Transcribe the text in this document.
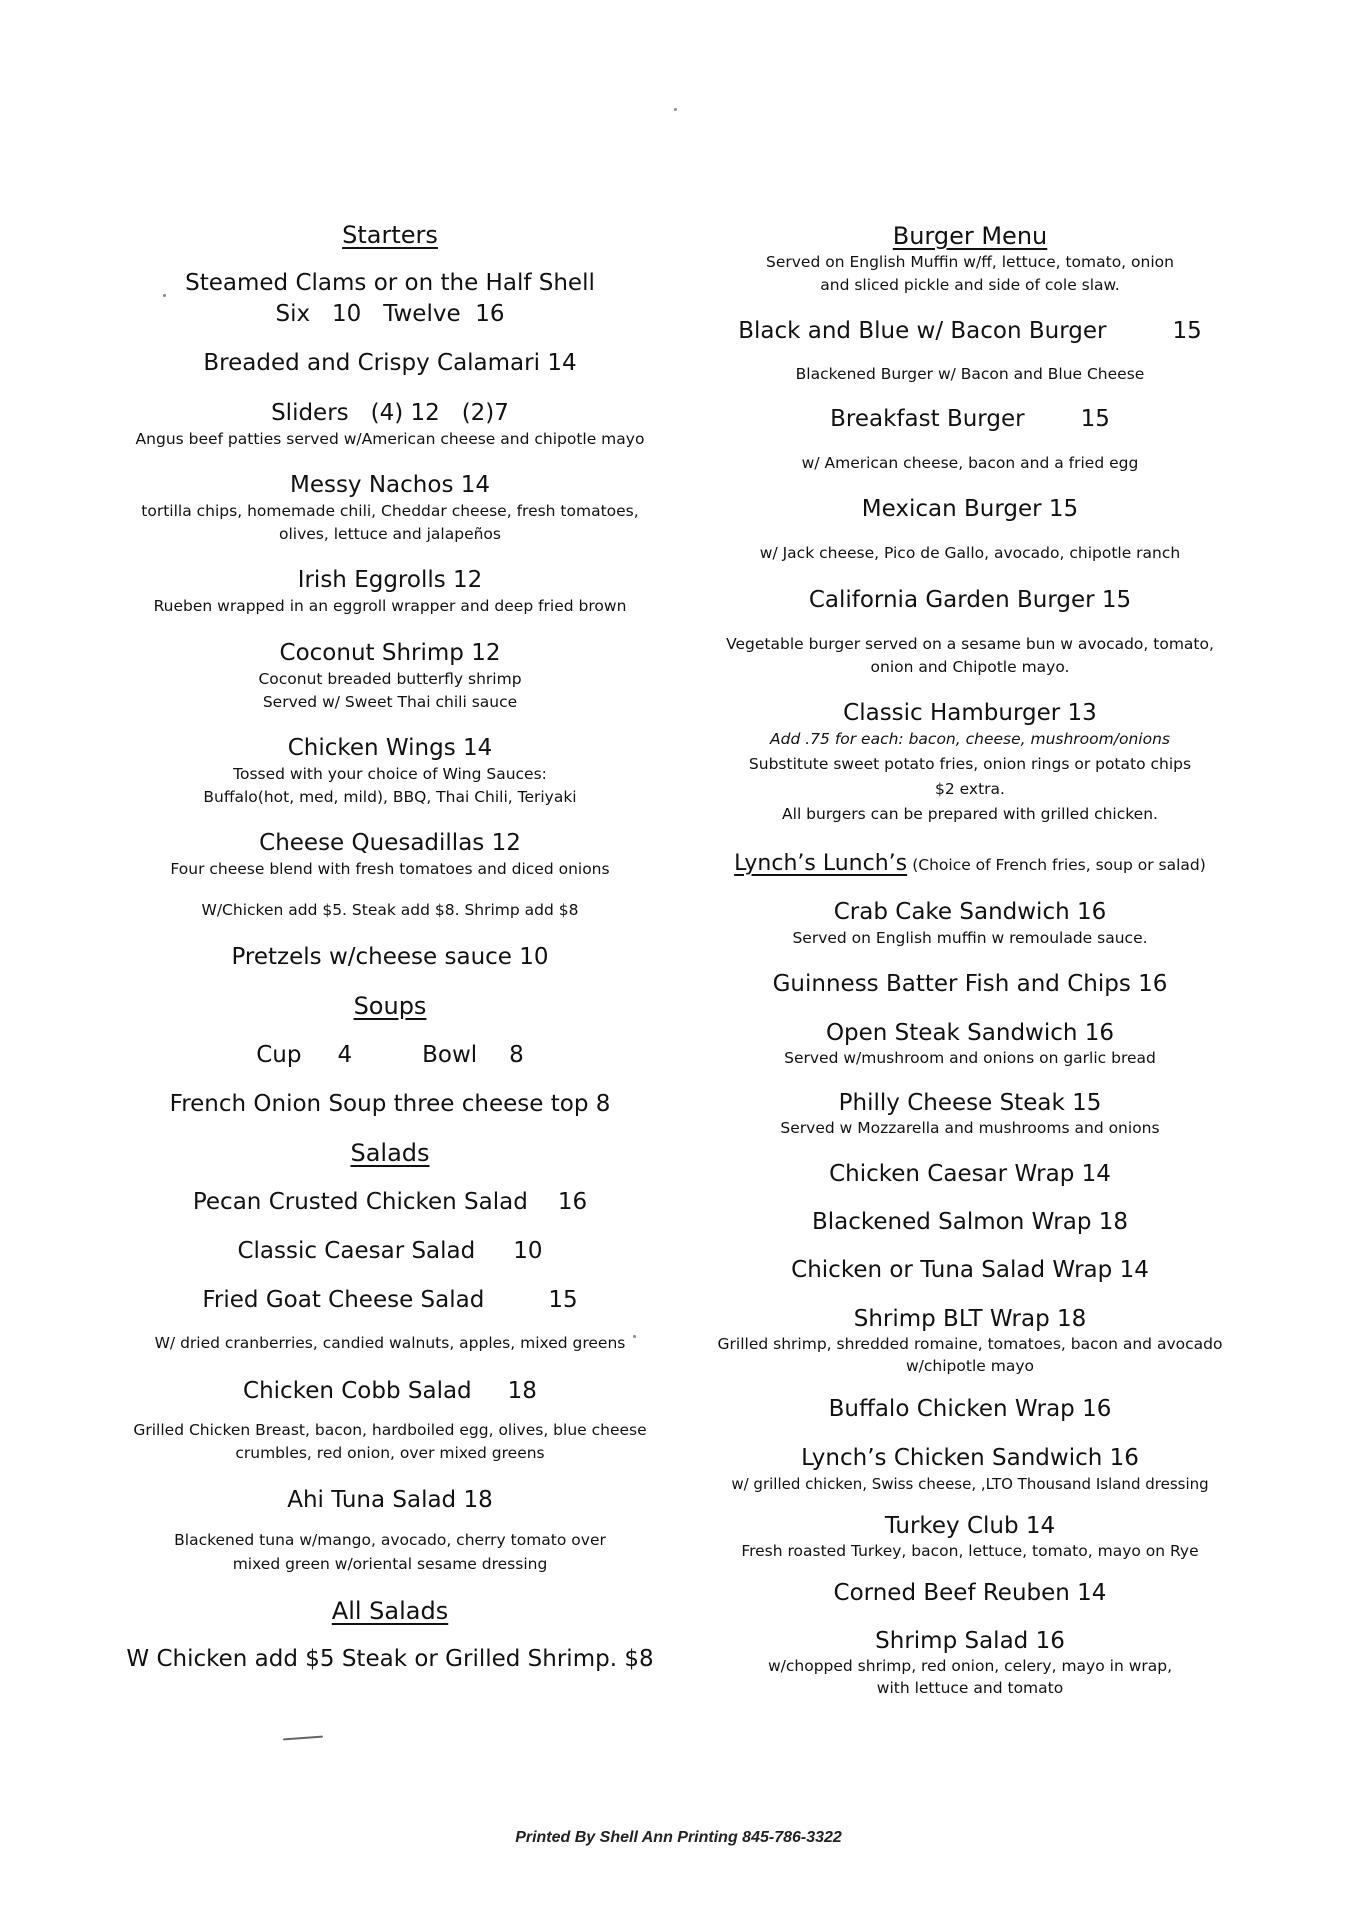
Starters
Steamed Clams or on the Half Shell
Six 10 Twelve 16
Breaded and Crispy Calamari 14
Sliders (4) 12 (2)7
Angus beef patties served w/American cheese and chipotle mayo
Messy Nachos 14
tortilla chips, homemade chili, Cheddar cheese, fresh tomatoes,
olives, lettuce and jalapeños
Irish Eggrolls 12
Rueben wrapped in an eggroll wrapper and deep fried brown
Coconut Shrimp 12
Coconut breaded butterfly shrimp
Served w/ Sweet Thai chili sauce
Chicken Wings 14
Tossed with your choice of Wing Sauces:
Buffalo(hot, med, mild), BBQ, Thai Chili, Teriyaki
Cheese Quesadillas 12
Four cheese blend with fresh tomatoes and diced onions
W/Chicken add $5. Steak add $8. Shrimp add $8
Pretzels w/cheese sauce 10
Soups
Cup 4	Bowl 8
French Onion Soup three cheese top 8
Salads
Pecan Crusted Chicken Salad 16
Classic Caesar Salad 10
Fried Goat Cheese Salad	15
W/ dried cranberries, candied walnuts, apples, mixed greens
Chicken Cobb Salad 18
Grilled Chicken Breast, bacon, hardboiled egg, olives, blue cheese
crumbles, red onion, over mixed greens
Ahi Tuna Salad 18
Blackened tuna w/mango, avocado, cherry tomato over
mixed green w/oriental sesame dressing
All Salads
W Chicken add $5 Steak or Grilled Shrimp. $8
Burger Menu
Served on English Muffin w/ff, lettuce, tomato, onion
and sliced pickle and side of cole slaw.
Black and Blue w/ Bacon Burger	15
Blackened Burger w/ Bacon and Blue Cheese
Breakfast Burger 15
w/ American cheese, bacon and a fried egg
Mexican Burger 15
w/ Jack cheese, Pico de Gallo, avocado, chipotle ranch
California Garden Burger 15
Vegetable burger served on a sesame bun w avocado, tomato,
onion and Chipotle mayo.
Classic Hamburger 13
Add .75 for each: bacon, cheese, mushroom/onions
Substitute sweet potato fries, onion rings or potato chips
$2 extra.
All burgers can be prepared with grilled chicken.
Lynch’s Lunch’s (Choice of French fries, soup or salad)
Crab Cake Sandwich 16
Served on English muffin w remoulade sauce.
Guinness Batter Fish and Chips 16
Open Steak Sandwich 16
Served w/mushroom and onions on garlic bread
Philly Cheese Steak 15
Served w Mozzarella and mushrooms and onions
Chicken Caesar Wrap 14
Blackened Salmon Wrap 18
Chicken or Tuna Salad Wrap 14
Shrimp BLT Wrap 18
Grilled shrimp, shredded romaine, tomatoes, bacon and avocado
w/chipotle mayo
Buffalo Chicken Wrap 16
Lynch’s Chicken Sandwich 16
w/ grilled chicken, Swiss cheese, ,LTO Thousand Island dressing
Turkey Club 14
Fresh roasted Turkey, bacon, lettuce, tomato, mayo on Rye
Corned Beef Reuben 14
Shrimp Salad 16
w/chopped shrimp, red onion, celery, mayo in wrap,
with lettuce and tomato
Printed By Shell Ann Printing 845-786-3322
